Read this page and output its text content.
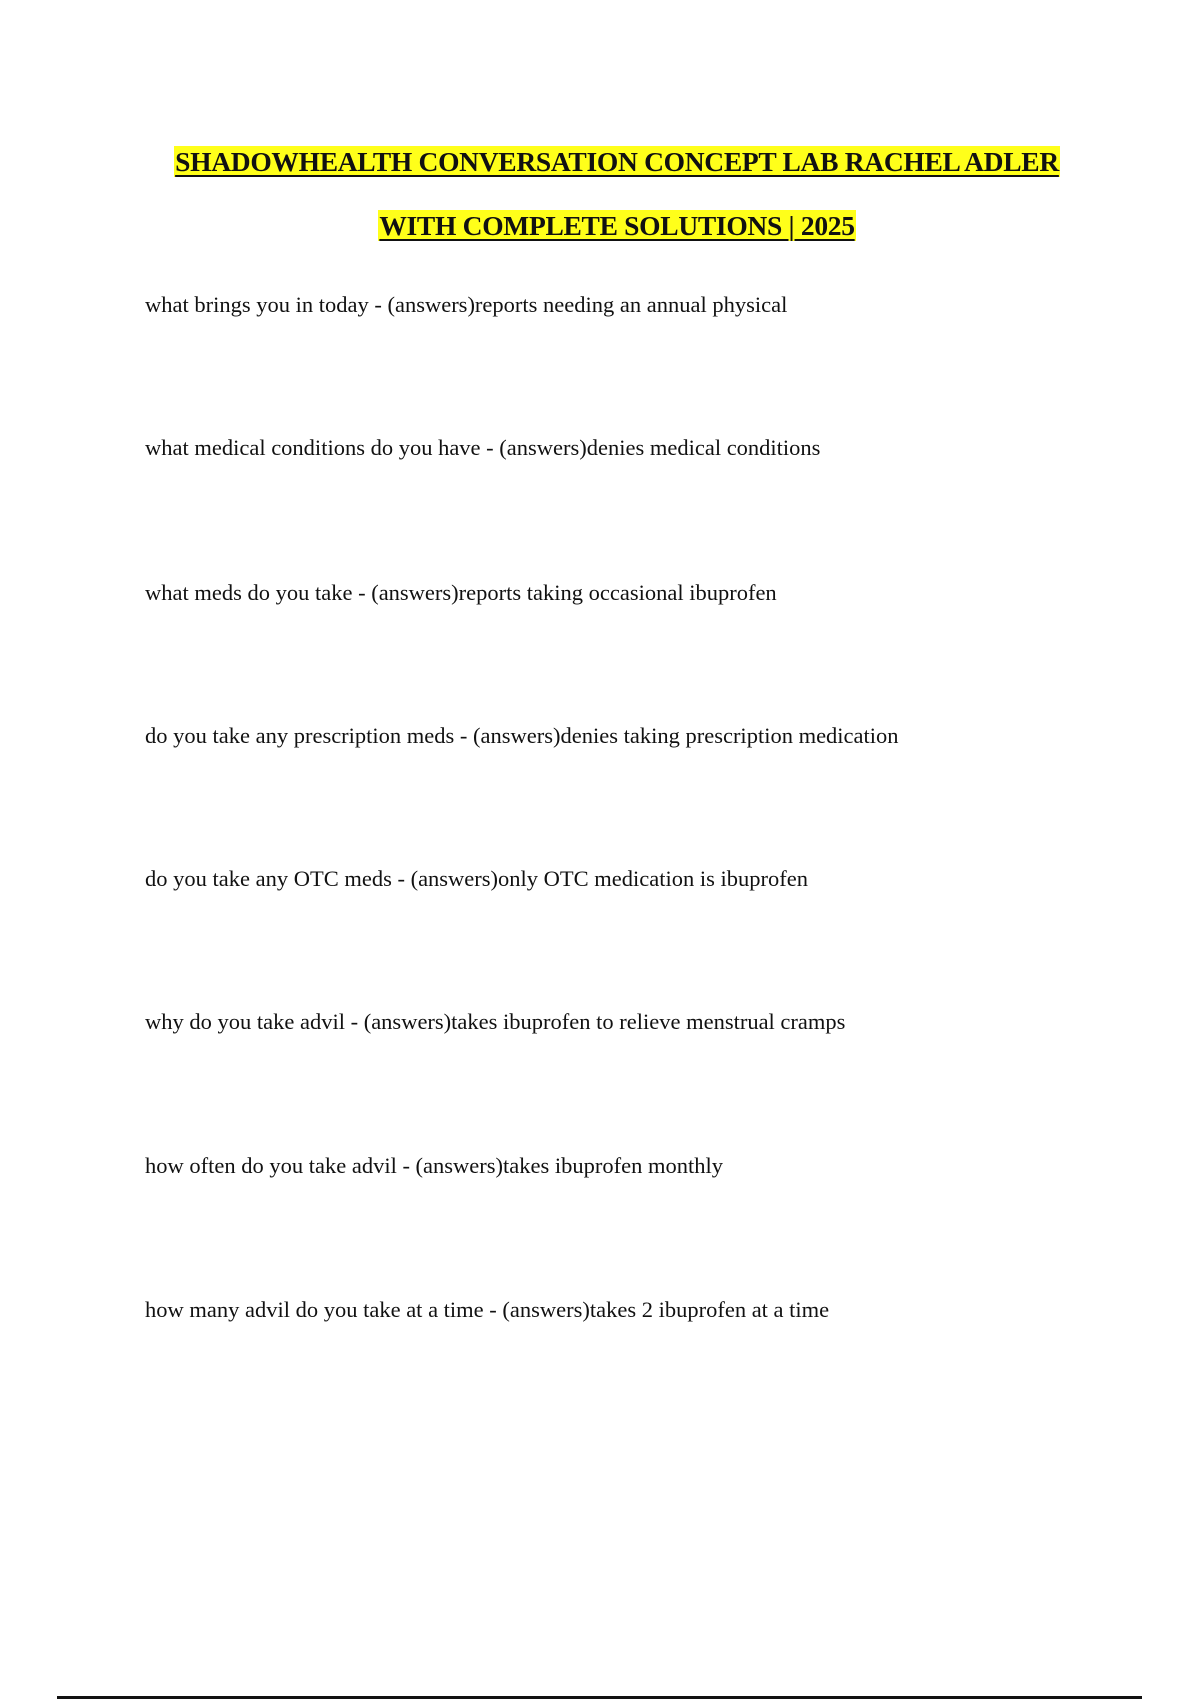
SHADOWHEALTH CONVERSATION CONCEPT LAB RACHEL ADLER
WITH COMPLETE SOLUTIONS | 2025
what brings you in today - (answers)reports needing an annual physical
what medical conditions do you have - (answers)denies medical conditions
what meds do you take - (answers)reports taking occasional ibuprofen
do you take any prescription meds - (answers)denies taking prescription medication
do you take any OTC meds - (answers)only OTC medication is ibuprofen
why do you take advil - (answers)takes ibuprofen to relieve menstrual cramps
how often do you take advil - (answers)takes ibuprofen monthly
how many advil do you take at a time - (answers)takes 2 ibuprofen at a time
